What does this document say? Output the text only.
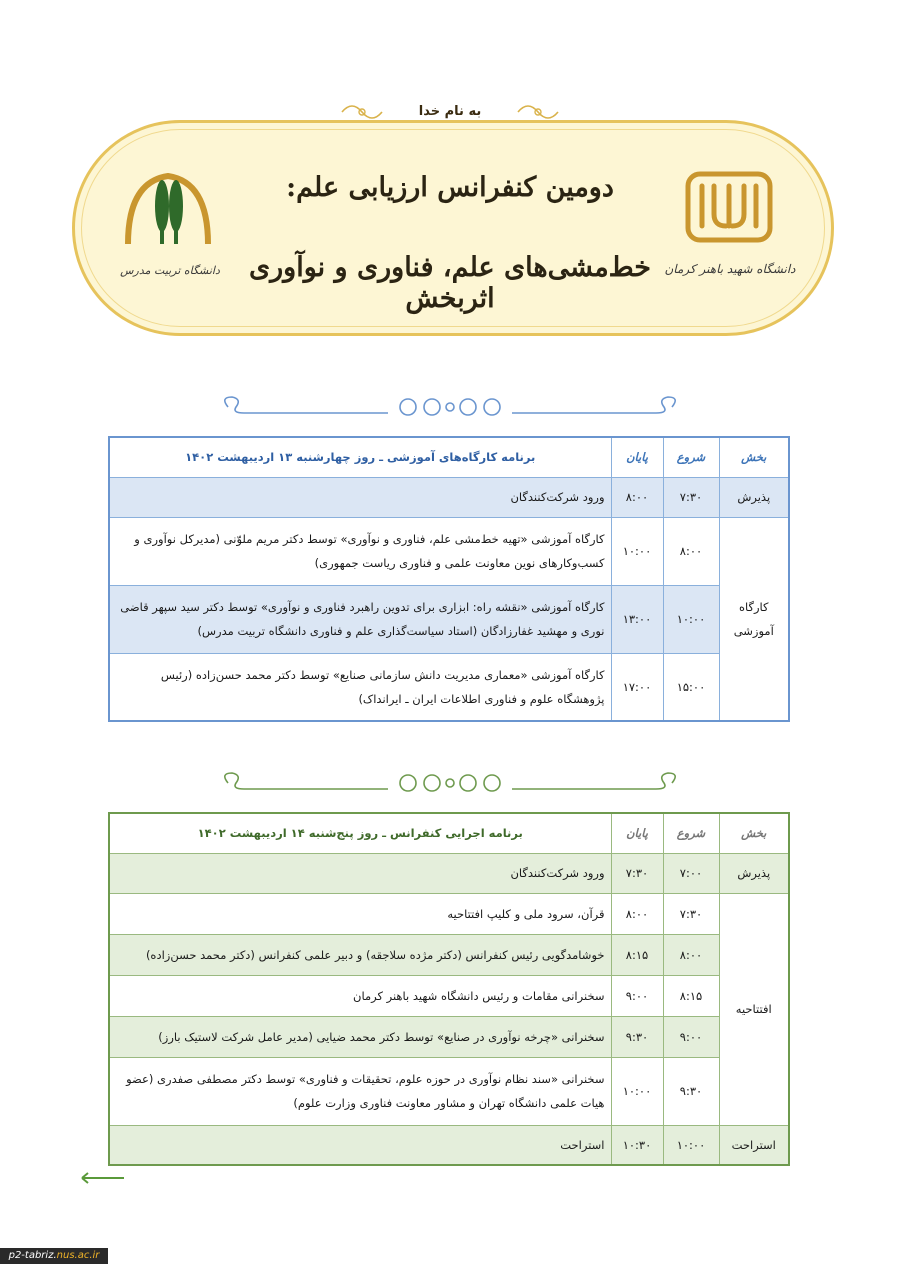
به نام خدا
دومین کنفرانس ارزیابی علم:
خط‌مشی‌های علم، فناوری و نوآوری اثربخش
دانشگاه شهید باهنر کرمان
دانشگاه تربیت مدرس
بخش	شروع	پایان	برنامه کارگاه‌های آموزشی ـ روز چهارشنبه ۱۳ اردیبهشت ۱۴۰۲
پذیرش	۷:۳۰	۸:۰۰	ورود شرکت‌کنندگان
کارگاه آموزشی	۸:۰۰	۱۰:۰۰	کارگاه آموزشی «تهیه خط‌مشی علم، فناوری و نوآوری» توسط دکتر مریم ملوّنی (مدیرکل نوآوری و کسب‌وکارهای نوین معاونت علمی و فناوری ریاست جمهوری)
	۱۰:۰۰	۱۳:۰۰	کارگاه آموزشی «نقشه راه: ابزاری برای تدوین راهبرد فناوری و نوآوری» توسط دکتر سید سپهر قاضی نوری و مهشید غفارزادگان (استاد سیاست‌گذاری علم و فناوری دانشگاه تربیت مدرس)
	۱۵:۰۰	۱۷:۰۰	کارگاه آموزشی «معماری مدیریت دانش سازمانی صنایع» توسط دکتر محمد حسن‌زاده (رئیس پژوهشگاه علوم و فناوری اطلاعات ایران ـ ایرانداک)
بخش	شروع	پایان	برنامه اجرایی کنفرانس ـ روز پنج‌شنبه ۱۴ اردیبهشت ۱۴۰۲
پذیرش	۷:۰۰	۷:۳۰	ورود شرکت‌کنندگان
افتتاحیه	۷:۳۰	۸:۰۰	قرآن، سرود ملی و کلیپ افتتاحیه
	۸:۰۰	۸:۱۵	خوشامدگویی رئیس کنفرانس (دکتر مژده سلاجقه) و دبیر علمی کنفرانس (دکتر محمد حسن‌زاده)
	۸:۱۵	۹:۰۰	سخنرانی مقامات و رئیس دانشگاه شهید باهنر کرمان
	۹:۰۰	۹:۳۰	سخنرانی «چرخه نوآوری در صنایع» توسط دکتر محمد ضیایی (مدیر عامل شرکت لاستیک بارز)
	۹:۳۰	۱۰:۰۰	سخنرانی «سند نظام نوآوری در حوزه علوم، تحقیقات و فناوری» توسط دکتر مصطفی صفدری (عضو هیات علمی دانشگاه تهران و مشاور معاونت فناوری وزارت علوم)
استراحت	۱۰:۰۰	۱۰:۳۰	استراحت
p2-tabriz.nus.ac.ir
